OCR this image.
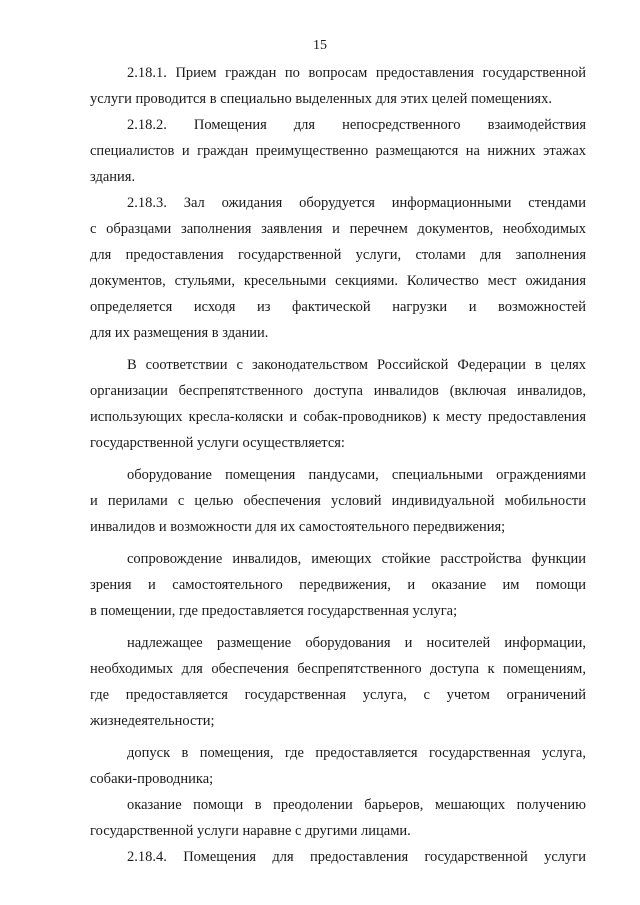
15
2.18.1. Прием граждан по вопросам предоставления государственной
услуги проводится в специально выделенных для этих целей помещениях.
2.18.2. Помещения для непосредственного взаимодействия
специалистов и граждан преимущественно размещаются на нижних этажах
здания.
2.18.3. Зал ожидания оборудуется информационными стендами
с образцами заполнения заявления и перечнем документов, необходимых
для предоставления государственной услуги, столами для заполнения
документов, стульями, кресельными секциями. Количество мест ожидания
определяется исходя из фактической нагрузки и возможностей
для их размещения в здании.
В соответствии с законодательством Российской Федерации в целях
организации беспрепятственного доступа инвалидов (включая инвалидов,
использующих кресла-коляски и собак-проводников) к месту предоставления
государственной услуги осуществляется:
оборудование помещения пандусами, специальными ограждениями
и перилами с целью обеспечения условий индивидуальной мобильности
инвалидов и возможности для их самостоятельного передвижения;
сопровождение инвалидов, имеющих стойкие расстройства функции
зрения и самостоятельного передвижения, и оказание им помощи
в помещении, где предоставляется государственная услуга;
надлежащее размещение оборудования и носителей информации,
необходимых для обеспечения беспрепятственного доступа к помещениям,
где предоставляется государственная услуга, с учетом ограничений
жизнедеятельности;
допуск в помещения, где предоставляется государственная услуга,
собаки-проводника;
оказание помощи в преодолении барьеров, мешающих получению
государственной услуги наравне с другими лицами.
2.18.4. Помещения для предоставления государственной услуги
